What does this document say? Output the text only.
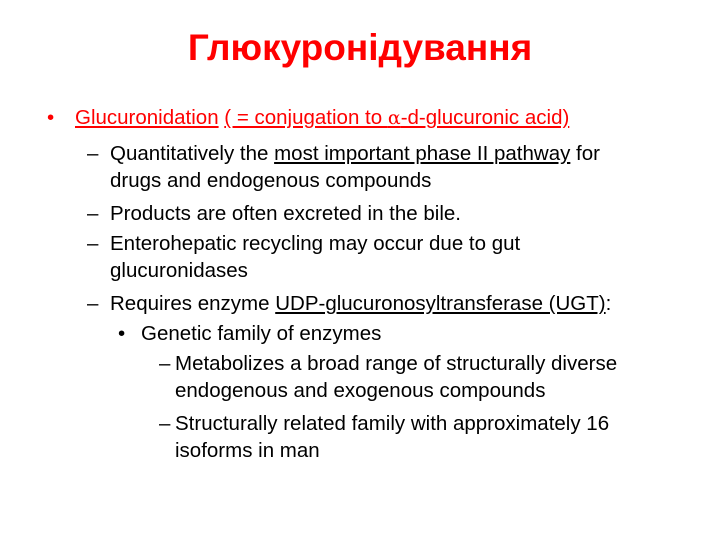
Глюкуронідування
• Glucuronidation ( = conjugation to α-d-glucuronic acid)
– Quantitatively the most important phase II pathway for
drugs and endogenous compounds
– Products are often excreted in the bile.
– Enterohepatic recycling may occur due to gut
glucuronidases
– Requires enzyme UDP-glucuronosyltransferase (UGT):
• Genetic family of enzymes
– Metabolizes a broad range of structurally diverse
endogenous and exogenous compounds
– Structurally related family with approximately 16
isoforms in man
